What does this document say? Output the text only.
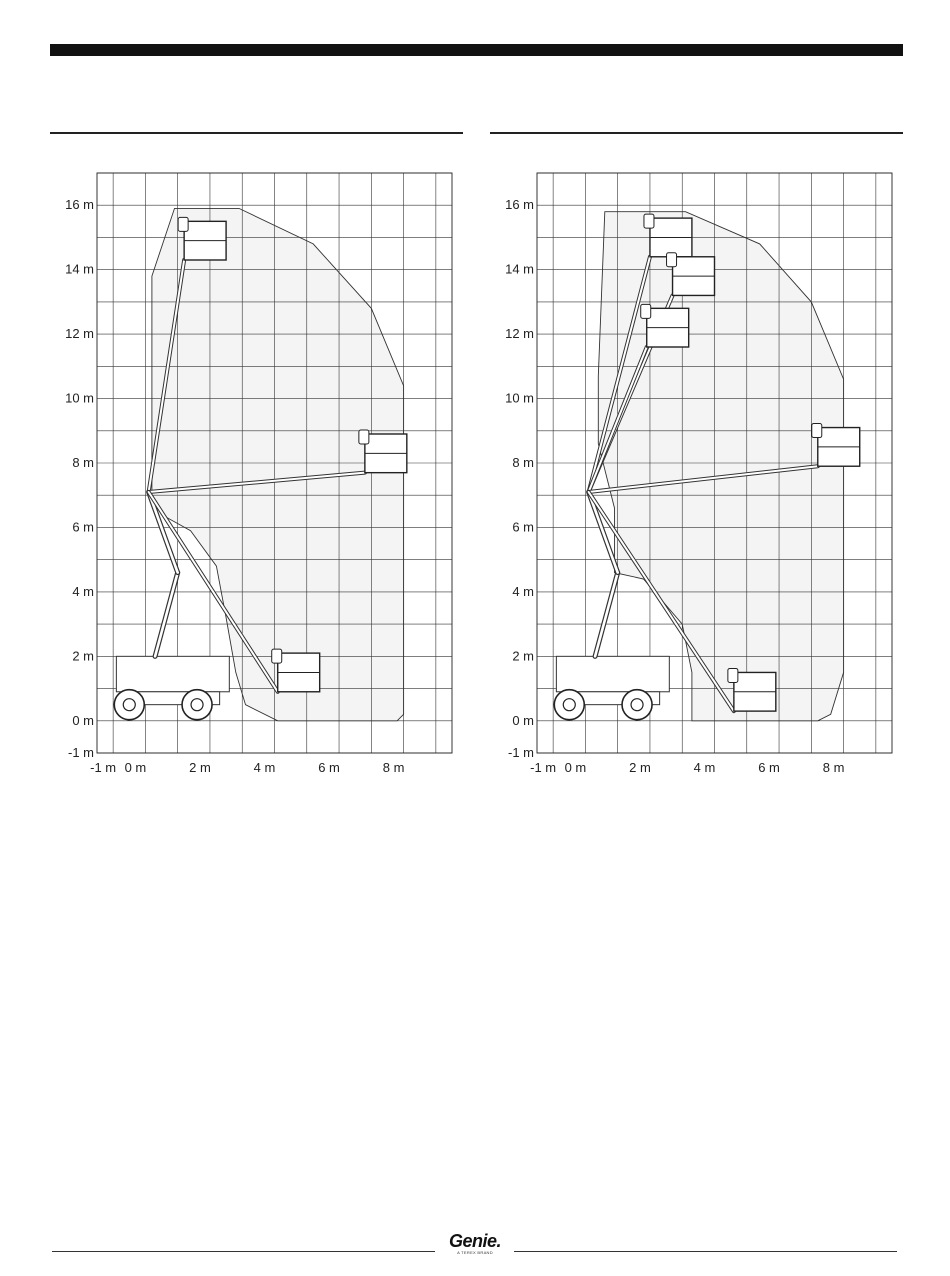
16 m
14 m
12 m
10 m
8 m
6 m
4 m
2 m
0 m
-1 m
-1 m 0 m	2 m	4 m	6 m	8 m
16 m
14 m
12 m
10 m
8 m
6 m
4 m
2 m
0 m
-1 m
-1 m 0 m	2 m	4 m	6 m	8 m
Genie.
A TEREX BRAND
